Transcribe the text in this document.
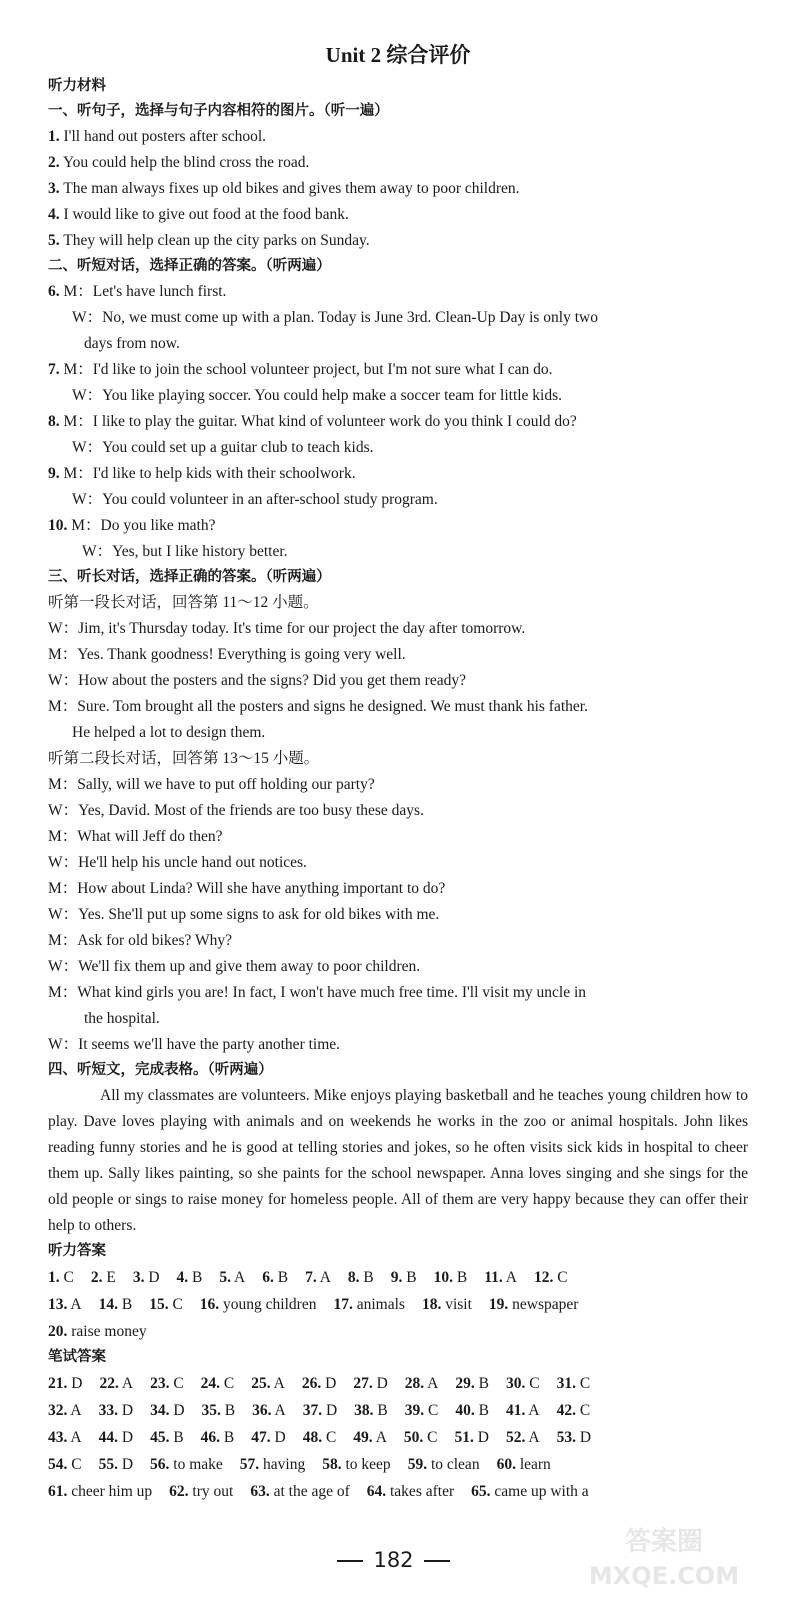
Unit 2 综合评价
听力材料
一、听句子，选择与句子内容相符的图片。（听一遍）
1. I'll hand out posters after school.
2. You could help the blind cross the road.
3. The man always fixes up old bikes and gives them away to poor children.
4. I would like to give out food at the food bank.
5. They will help clean up the city parks on Sunday.
二、听短对话，选择正确的答案。（听两遍）
6. M：Let's have lunch first.
W：No, we must come up with a plan. Today is June 3rd. Clean-Up Day is only two
days from now.
7. M：I'd like to join the school volunteer project, but I'm not sure what I can do.
W：You like playing soccer. You could help make a soccer team for little kids.
8. M：I like to play the guitar. What kind of volunteer work do you think I could do?
W：You could set up a guitar club to teach kids.
9. M：I'd like to help kids with their schoolwork.
W：You could volunteer in an after-school study program.
10. M：Do you like math?
W：Yes, but I like history better.
三、听长对话，选择正确的答案。（听两遍）
听第一段长对话，回答第 11～12 小题。
W：Jim, it's Thursday today. It's time for our project the day after tomorrow.
M：Yes. Thank goodness! Everything is going very well.
W：How about the posters and the signs? Did you get them ready?
M：Sure. Tom brought all the posters and signs he designed. We must thank his father.
He helped a lot to design them.
听第二段长对话，回答第 13～15 小题。
M：Sally, will we have to put off holding our party?
W：Yes, David. Most of the friends are too busy these days.
M：What will Jeff do then?
W：He'll help his uncle hand out notices.
M：How about Linda? Will she have anything important to do?
W：Yes. She'll put up some signs to ask for old bikes with me.
M：Ask for old bikes? Why?
W：We'll fix them up and give them away to poor children.
M：What kind girls you are! In fact, I won't have much free time. I'll visit my uncle in
the hospital.
W：It seems we'll have the party another time.
四、听短文，完成表格。（听两遍）
All my classmates are volunteers. Mike enjoys playing basketball and he teaches young children how to play. Dave loves playing with animals and on weekends he works in the zoo or animal hospitals. John likes reading funny stories and he is good at telling stories and jokes, so he often visits sick kids in hospital to cheer them up. Sally likes painting, so she paints for the school newspaper. Anna loves singing and she sings for the old people or sings to raise money for homeless people. All of them are very happy because they can offer their help to others.
听力答案
1. C 2. E 3. D 4. B 5. A 6. B 7. A 8. B 9. B 10. B 11. A 12. C
13. A 14. B 15. C 16. young children 17. animals 18. visit 19. newspaper
20. raise money
笔试答案
21. D 22. A 23. C 24. C 25. A 26. D 27. D 28. A 29. B 30. C 31. C
32. A 33. D 34. D 35. B 36. A 37. D 38. B 39. C 40. B 41. A 42. C
43. A 44. D 45. B 46. B 47. D 48. C 49. A 50. C 51. D 52. A 53. D
54. C 55. D 56. to make 57. having 58. to keep 59. to clean 60. learn
61. cheer him up 62. try out 63. at the age of 64. takes after 65. came up with a
182
答案圈
MXQE.COM
